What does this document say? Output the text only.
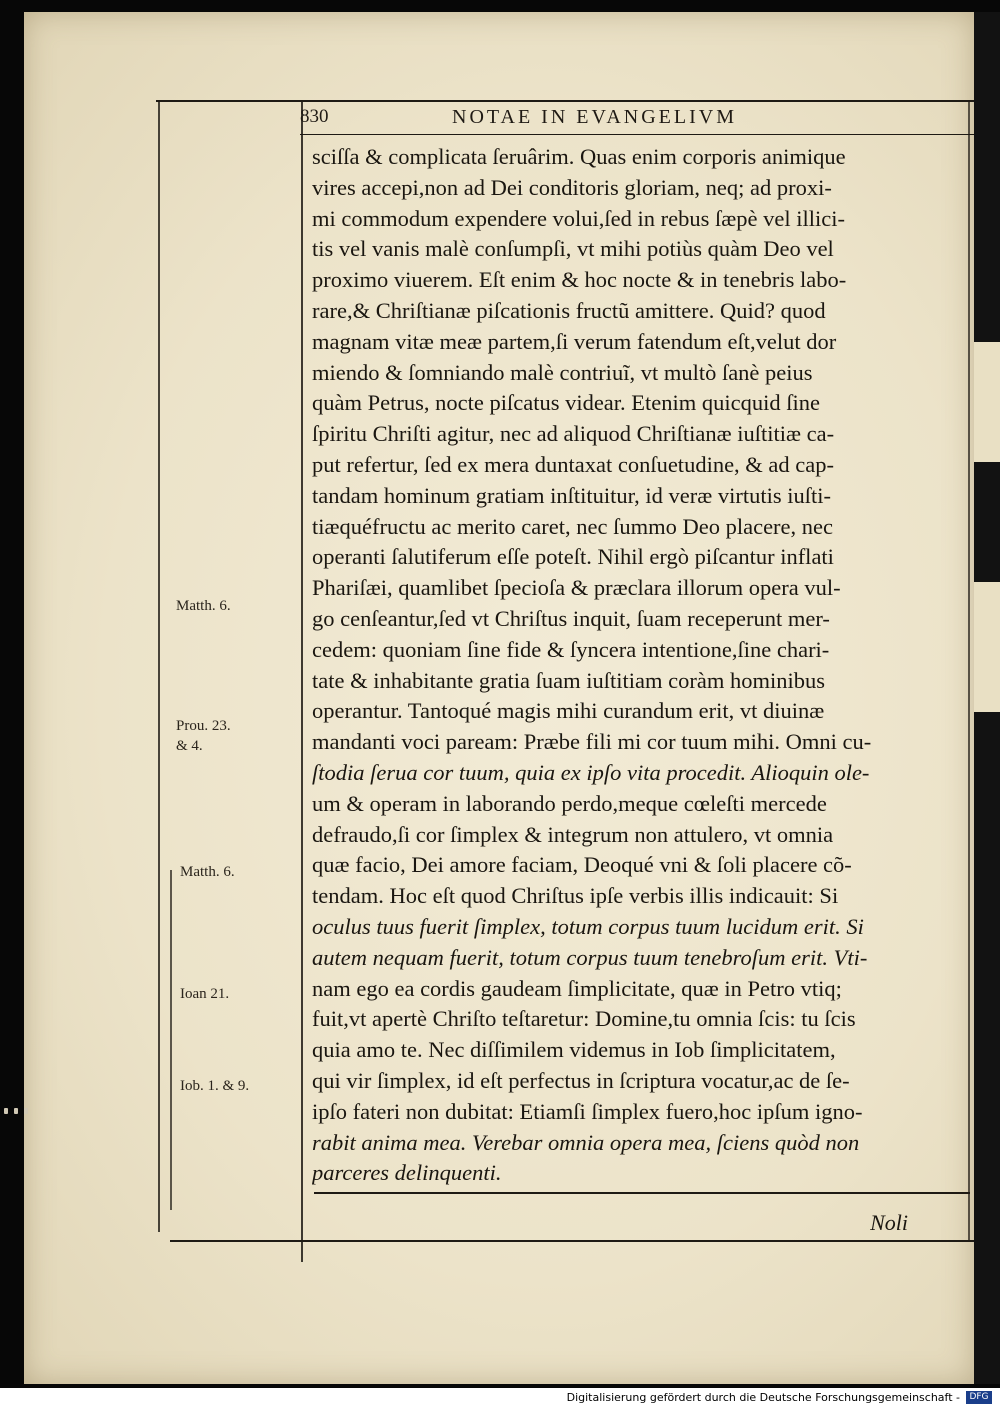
830	NOTAE IN EVANGELIVM
Matth. 6.
Prou. 23.
& 4.
Matth. 6.
Ioan 21.
Iob. 1. & 9.
Noli
sciſſa & complicata ſeruârim. Quas enim corporis animique
vires accepi,non ad Dei conditoris gloriam, neq; ad proxi-
mi commodum expendere volui,ſed in rebus ſæpè vel illici-
tis vel vanis malè conſumpſi, vt mihi potiùs quàm Deo vel
proximo viuerem. Eſt enim & hoc nocte & in tenebris labo-
rare,& Chriſtianæ piſcationis fructũ amittere. Quid? quod
magnam vitæ meæ partem,ſi verum fatendum eſt,velut dor
miendo & ſomniando malè contriuĩ, vt multò ſanè peius
quàm Petrus, nocte piſcatus videar. Etenim quicquid ſine
ſpiritu Chriſti agitur, nec ad aliquod Chriſtianæ iuſtitiæ ca-
put refertur, ſed ex mera duntaxat conſuetudine, & ad cap-
tandam hominum gratiam inſtituitur, id veræ virtutis iuſti-
tiæquéfructu ac merito caret, nec ſummo Deo placere, nec
operanti ſalutiferum eſſe poteſt. Nihil ergò piſcantur inflati
Phariſæi, quamlibet ſpecioſa & præclara illorum opera vul-
go cenſeantur,ſed vt Chriſtus inquit, ſuam receperunt mer-
cedem: quoniam ſine fide & ſyncera intentione,ſine chari-
tate & inhabitante gratia ſuam iuſtitiam coràm hominibus
operantur. Tantoqué magis mihi curandum erit, vt diuinæ
mandanti voci paream: Præbe fili mi cor tuum mihi. Omni cu-
ſtodia ſerua cor tuum, quia ex ipſo vita procedit. Alioquin ole-
um & operam in laborando perdo,meque cœleſti mercede
defraudo,ſi cor ſimplex & integrum non attulero, vt omnia
quæ facio, Dei amore faciam, Deoqué vni & ſoli placere cõ-
tendam. Hoc eſt quod Chriſtus ipſe verbis illis indicauit: Si
oculus tuus fuerit ſimplex, totum corpus tuum lucidum erit. Si
autem nequam fuerit, totum corpus tuum tenebroſum erit. Vti-
nam ego ea cordis gaudeam ſimplicitate, quæ in Petro vtiq;
fuit,vt apertè Chriſto teſtaretur: Domine,tu omnia ſcis: tu ſcis
quia amo te. Nec diſſimilem videmus in Iob ſimplicitatem,
qui vir ſimplex, id eſt perfectus in ſcriptura vocatur,ac de ſe-
ipſo fateri non dubitat: Etiamſi ſimplex fuero,hoc ipſum igno-
rabit anima mea. Verebar omnia opera mea, ſciens quòd non
parceres delinquenti.
Digitalisierung gefördert durch die Deutsche Forschungsgemeinschaft -	DFG
